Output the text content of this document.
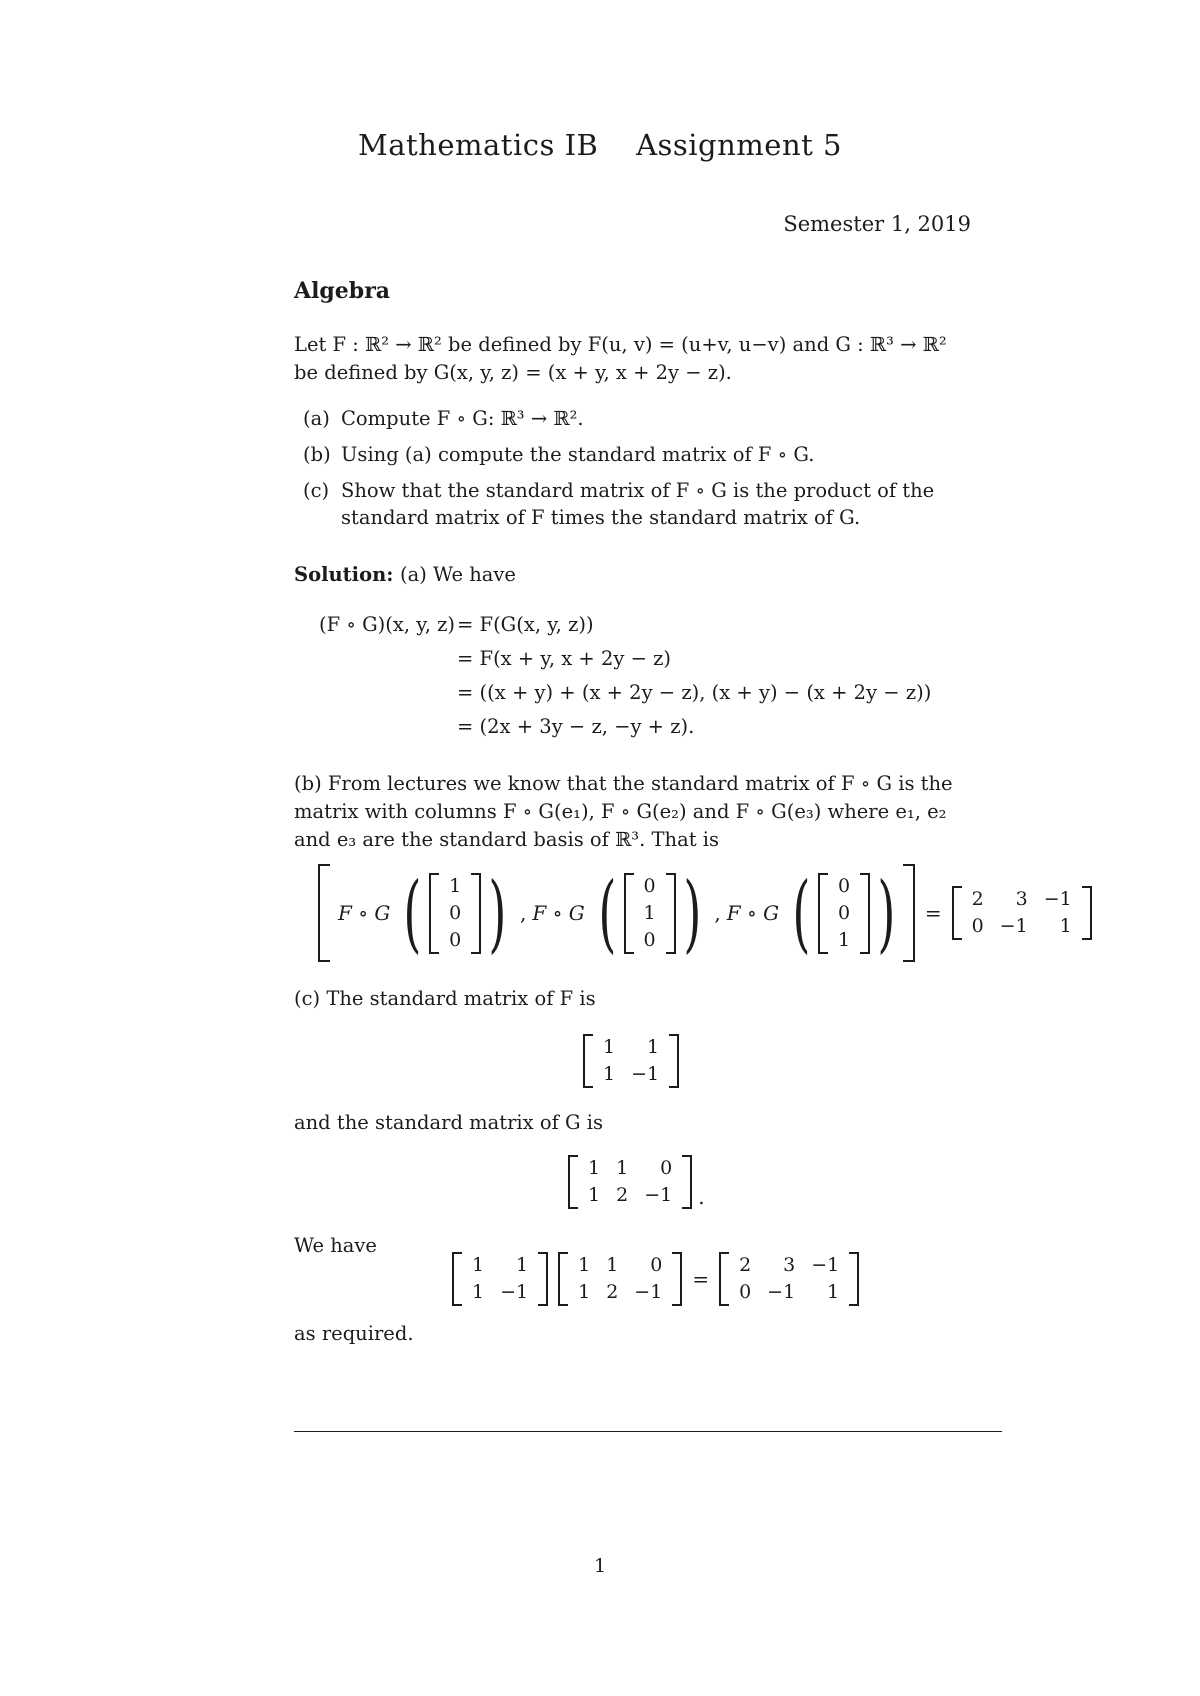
Mathematics IB Assignment 5
Semester 1, 2019
Algebra
Let F : ℝ² → ℝ² be defined by F(u, v) = (u+v, u−v) and G : ℝ³ → ℝ²
be defined by G(x, y, z) = (x + y, x + 2y − z).
(a) Compute F ∘ G: ℝ³ → ℝ².
(b) Using (a) compute the standard matrix of F ∘ G.
(c) Show that the standard matrix of F ∘ G is the product of the standard matrix of F times the standard matrix of G.
Solution: (a) We have
(F ∘ G)(x, y, z) = F(G(x, y, z))
= F(x + y, x + 2y − z)
= ((x + y) + (x + 2y − z), (x + y) − (x + 2y − z))
= (2x + 3y − z, −y + z).
(b) From lectures we know that the standard matrix of F ∘ G is the
matrix with columns F ∘ G(e₁), F ∘ G(e₂) and F ∘ G(e₃) where e₁, e₂
and e₃ are the standard basis of ℝ³. That is
F ∘ G ( 1
0
0 ) , F ∘ G ( 0
1
0 ) , F ∘ G ( 0
0
1 ) =
2	3	−1
0	−1	1
(c) The standard matrix of F is
1	1
1	−1
and the standard matrix of G is
1	1	0
1	2	−1 .
We have
1	1
1	−1
1	1	0
1	2	−1
=
2	3	−1
0	−1	1
as required.
1
